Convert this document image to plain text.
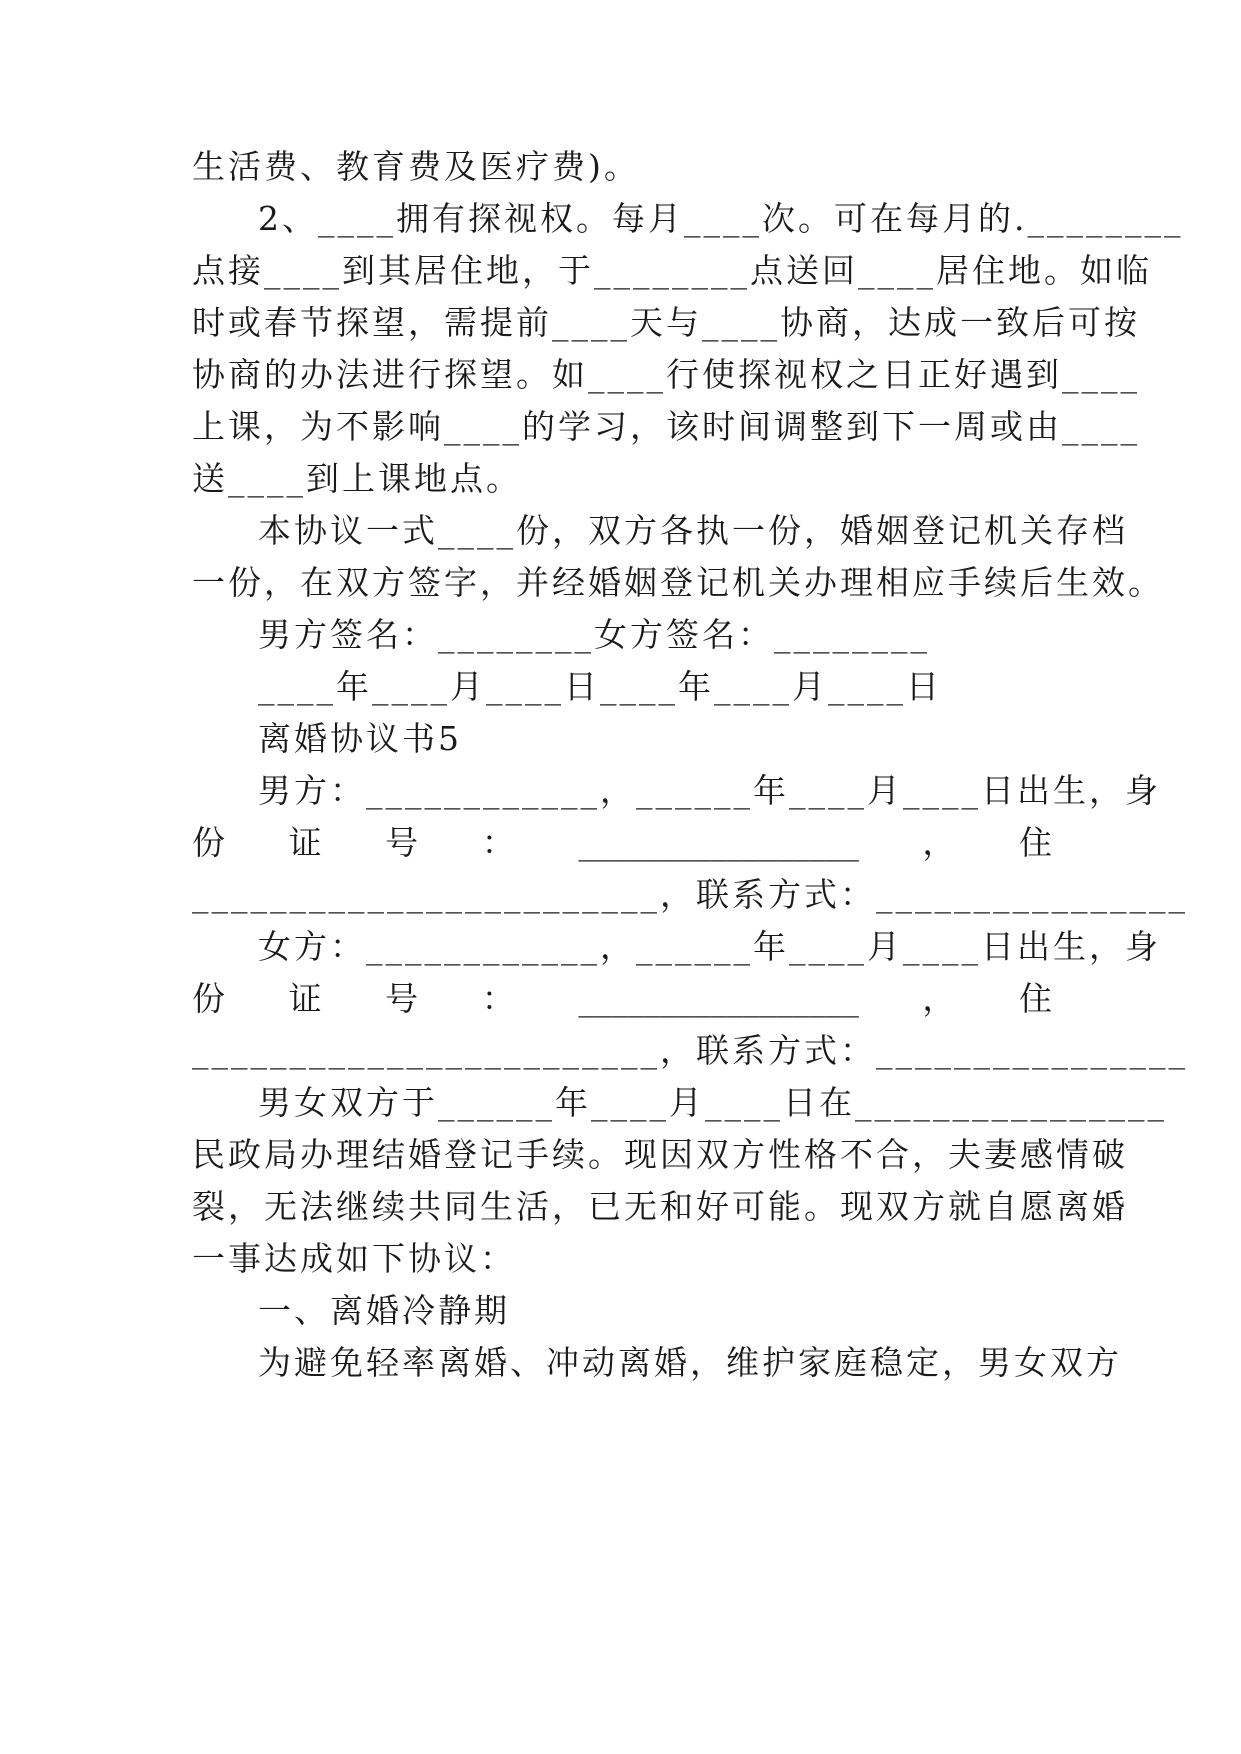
生活费、教育费及医疗费)。
2、____拥有探视权。每月____次。可在每月的.________
点接____到其居住地，于________点送回____居住地。如临
时或春节探望，需提前____天与____协商，达成一致后可按
协商的办法进行探望。如____行使探视权之日正好遇到____
上课，为不影响____的学习，该时间调整到下一周或由____
送____到上课地点。
本协议一式____份，双方各执一份，婚姻登记机关存档
一份，在双方签字，并经婚姻登记机关办理相应手续后生效。
男方签名：________女方签名：________
____年____月____日____年____月____日
离婚协议书5
男方：____________，______年____月____日出生，身
份 证 号 ： _________________ ， 住
________________________，联系方式：________________
女方：____________，______年____月____日出生，身
份 证 号 ： _________________ ， 住
________________________，联系方式：________________
男女双方于______年____月____日在________________
民政局办理结婚登记手续。现因双方性格不合，夫妻感情破
裂，无法继续共同生活，已无和好可能。现双方就自愿离婚
一事达成如下协议：
一、离婚冷静期
为避免轻率离婚、冲动离婚，维护家庭稳定，男女双方
